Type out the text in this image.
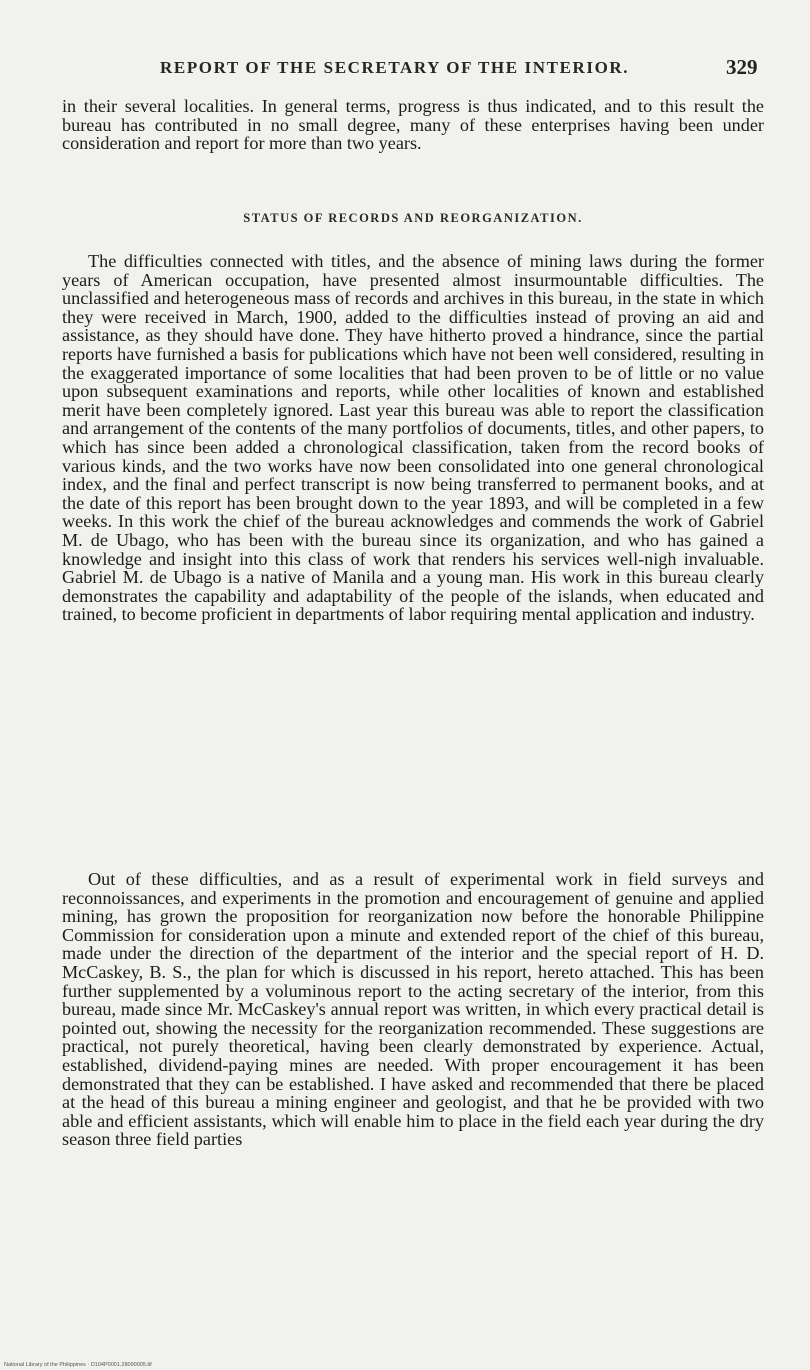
REPORT OF THE SECRETARY OF THE INTERIOR.	329

in their several localities. In general terms, progress is thus indicated, and to this result the bureau has contributed in no small degree, many of these enterprises having been under consideration and report for more than two years.

STATUS OF RECORDS AND REORGANIZATION.

The difficulties connected with titles, and the absence of mining laws during the former years of American occupation, have presented almost insurmountable difficulties. The unclassified and heterogeneous mass of records and archives in this bureau, in the state in which they were received in March, 1900, added to the difficulties instead of proving an aid and assistance, as they should have done. They have hitherto proved a hindrance, since the partial reports have furnished a basis for publications which have not been well considered, resulting in the exaggerated importance of some localities that had been proven to be of little or no value upon subsequent examinations and reports, while other localities of known and established merit have been completely ignored. Last year this bureau was able to report the classification and arrangement of the contents of the many portfolios of documents, titles, and other papers, to which has since been added a chronological classification, taken from the record books of various kinds, and the two works have now been consolidated into one general chronological index, and the final and perfect transcript is now being transferred to permanent books, and at the date of this report has been brought down to the year 1893, and will be completed in a few weeks. In this work the chief of the bureau acknowledges and commends the work of Gabriel M. de Ubago, who has been with the bureau since its organization, and who has gained a knowledge and insight into this class of work that renders his services well-nigh invaluable. Gabriel M. de Ubago is a native of Manila and a young man. His work in this bureau clearly demonstrates the capability and adaptability of the people of the islands, when educated and trained, to become proficient in departments of labor requiring mental application and industry.

Out of these difficulties, and as a result of experimental work in field surveys and reconnoissances, and experiments in the promotion and encouragement of genuine and applied mining, has grown the proposition for reorganization now before the honorable Philippine Commission for consideration upon a minute and extended report of the chief of this bureau, made under the direction of the department of the interior and the special report of H. D. McCaskey, B. S., the plan for which is discussed in his report, hereto attached. This has been further supplemented by a voluminous report to the acting secretary of the interior, from this bureau, made since Mr. McCaskey's annual report was written, in which every practical detail is pointed out, showing the necessity for the reorganization recommended. These suggestions are practical, not purely theoretical, having been clearly demonstrated by experience. Actual, established, dividend-paying mines are needed. With proper encouragement it has been demonstrated that they can be established. I have asked and recommended that there be placed at the head of this bureau a mining engineer and geologist, and that he be provided with two able and efficient assistants, which will enable him to place in the field each year during the dry season three field parties

National Library of the Philippines · D104P0001.28090005.tif
